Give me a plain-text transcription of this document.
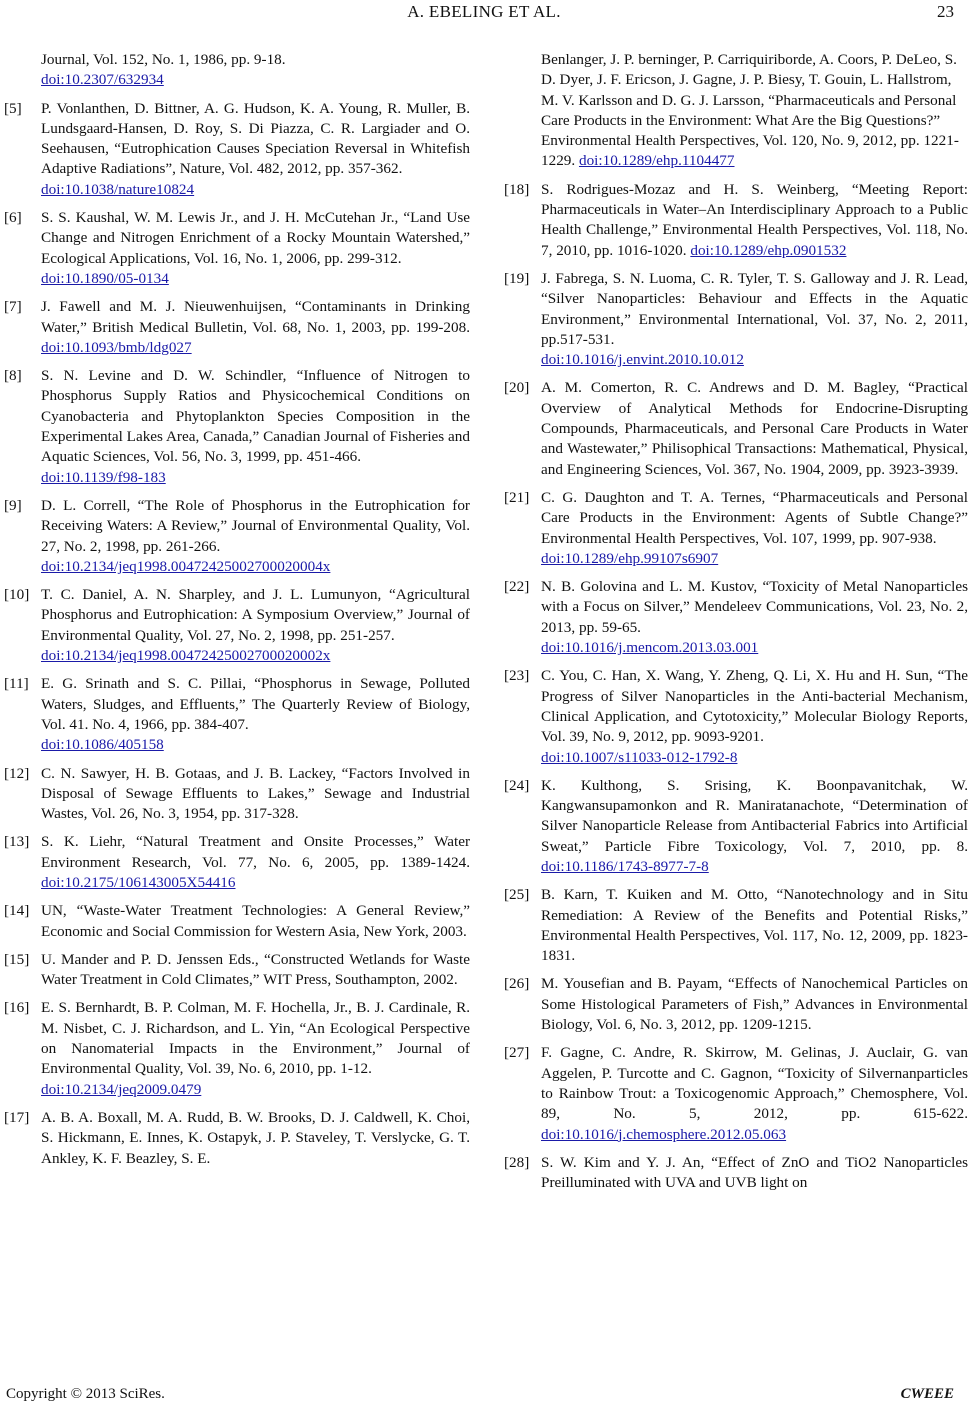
A. EBELING ET AL.	23
Journal, Vol. 152, No. 1, 1986, pp. 9-18.
doi:10.2307/632934
[5] P. Vonlanthen, D. Bittner, A. G. Hudson, K. A. Young, R. Muller, B. Lundsgaard-Hansen, D. Roy, S. Di Piazza, C. R. Largiader and O. Seehausen, “Eutrophication Causes Speciation Reversal in Whitefish Adaptive Radiations”, Nature, Vol. 482, 2012, pp. 357-362.
doi:10.1038/nature10824
[6] S. S. Kaushal, W. M. Lewis Jr., and J. H. McCutehan Jr., “Land Use Change and Nitrogen Enrichment of a Rocky Mountain Watershed,” Ecological Applications, Vol. 16, No. 1, 2006, pp. 299-312.
doi:10.1890/05-0134
[7] J. Fawell and M. J. Nieuwenhuijsen, “Contaminants in Drinking Water,” British Medical Bulletin, Vol. 68, No. 1, 2003, pp. 199-208. doi:10.1093/bmb/ldg027
[8] S. N. Levine and D. W. Schindler, “Influence of Nitrogen to Phosphorus Supply Ratios and Physicochemical Conditions on Cyanobacteria and Phytoplankton Species Composition in the Experimental Lakes Area, Canada,” Canadian Journal of Fisheries and Aquatic Sciences, Vol. 56, No. 3, 1999, pp. 451-466.
doi:10.1139/f98-183
[9] D. L. Correll, “The Role of Phosphorus in the Eutrophication for Receiving Waters: A Review,” Journal of Environmental Quality, Vol. 27, No. 2, 1998, pp. 261-266.
doi:10.2134/jeq1998.00472425002700020004x
[10] T. C. Daniel, A. N. Sharpley, and J. L. Lumunyon, “Agricultural Phosphorus and Eutrophication: A Symposium Overview,” Journal of Environmental Quality, Vol. 27, No. 2, 1998, pp. 251-257.
doi:10.2134/jeq1998.00472425002700020002x
[11] E. G. Srinath and S. C. Pillai, “Phosphorus in Sewage, Polluted Waters, Sludges, and Effluents,” The Quarterly Review of Biology, Vol. 41. No. 4, 1966, pp. 384-407.
doi:10.1086/405158
[12] C. N. Sawyer, H. B. Gotaas, and J. B. Lackey, “Factors Involved in Disposal of Sewage Effluents to Lakes,” Sewage and Industrial Wastes, Vol. 26, No. 3, 1954, pp. 317-328.
[13] S. K. Liehr, “Natural Treatment and Onsite Processes,” Water Environment Research, Vol. 77, No. 6, 2005, pp. 1389-1424. doi:10.2175/106143005X54416
[14] UN, “Waste-Water Treatment Technologies: A General Review,” Economic and Social Commission for Western Asia, New York, 2003.
[15] U. Mander and P. D. Jenssen Eds., “Constructed Wetlands for Waste Water Treatment in Cold Climates,” WIT Press, Southampton, 2002.
[16] E. S. Bernhardt, B. P. Colman, M. F. Hochella, Jr., B. J. Cardinale, R. M. Nisbet, C. J. Richardson, and L. Yin, “An Ecological Perspective on Nanomaterial Impacts in the Environment,” Journal of Environmental Quality, Vol. 39, No. 6, 2010, pp. 1-12.
doi:10.2134/jeq2009.0479
[17] A. B. A. Boxall, M. A. Rudd, B. W. Brooks, D. J. Caldwell, K. Choi, S. Hickmann, E. Innes, K. Ostapyk, J. P. Staveley, T. Verslycke, G. T. Ankley, K. F. Beazley, S. E.
Benlanger, J. P. berninger, P. Carriquiriborde, A. Coors, P. DeLeo, S. D. Dyer, J. F. Ericson, J. Gagne, J. P. Biesy, T. Gouin, L. Hallstrom, M. V. Karlsson and D. G. J. Larsson, “Pharmaceuticals and Personal Care Products in the Environment: What Are the Big Questions?” Environmental Health Perspectives, Vol. 120, No. 9, 2012, pp. 1221-1229. doi:10.1289/ehp.1104477
[18] S. Rodrigues-Mozaz and H. S. Weinberg, “Meeting Report: Pharmaceuticals in Water–An Interdisciplinary Approach to a Public Health Challenge,” Environmental Health Perspectives, Vol. 118, No. 7, 2010, pp. 1016-1020. doi:10.1289/ehp.0901532
[19] J. Fabrega, S. N. Luoma, C. R. Tyler, T. S. Galloway and J. R. Lead, “Silver Nanoparticles: Behaviour and Effects in the Aquatic Environment,” Environmental International, Vol. 37, No. 2, 2011, pp.517-531.
doi:10.1016/j.envint.2010.10.012
[20] A. M. Comerton, R. C. Andrews and D. M. Bagley, “Practical Overview of Analytical Methods for Endocrine-Disrupting Compounds, Pharmaceuticals, and Personal Care Products in Water and Wastewater,” Philisophical Transactions: Mathematical, Physical, and Engineering Sciences, Vol. 367, No. 1904, 2009, pp. 3923-3939.
[21] C. G. Daughton and T. A. Ternes, “Pharmaceuticals and Personal Care Products in the Environment: Agents of Subtle Change?” Environmental Health Perspectives, Vol. 107, 1999, pp. 907-938.
doi:10.1289/ehp.99107s6907
[22] N. B. Golovina and L. M. Kustov, “Toxicity of Metal Nanoparticles with a Focus on Silver,” Mendeleev Communications, Vol. 23, No. 2, 2013, pp. 59-65.
doi:10.1016/j.mencom.2013.03.001
[23] C. You, C. Han, X. Wang, Y. Zheng, Q. Li, X. Hu and H. Sun, “The Progress of Silver Nanoparticles in the Anti-bacterial Mechanism, Clinical Application, and Cytotoxicity,” Molecular Biology Reports, Vol. 39, No. 9, 2012, pp. 9093-9201.
doi:10.1007/s11033-012-1792-8
[24] K. Kulthong, S. Srising, K. Boonpavanitchak, W. Kangwansupamonkon and R. Maniratanachote, “Determination of Silver Nanoparticle Release from Antibacterial Fabrics into Artificial Sweat,” Particle Fibre Toxicology, Vol. 7, 2010, pp. 8. doi:10.1186/1743-8977-7-8
[25] B. Karn, T. Kuiken and M. Otto, “Nanotechnology and in Situ Remediation: A Review of the Benefits and Potential Risks,” Environmental Health Perspectives, Vol. 117, No. 12, 2009, pp. 1823-1831.
[26] M. Yousefian and B. Payam, “Effects of Nanochemical Particles on Some Histological Parameters of Fish,” Advances in Environmental Biology, Vol. 6, No. 3, 2012, pp. 1209-1215.
[27] F. Gagne, C. Andre, R. Skirrow, M. Gelinas, J. Auclair, G. van Aggelen, P. Turcotte and C. Gagnon, “Toxicity of Silvernanparticles to Rainbow Trout: a Toxicogenomic Approach,” Chemosphere, Vol. 89, No. 5, 2012, pp. 615-622. doi:10.1016/j.chemosphere.2012.05.063
[28] S. W. Kim and Y. J. An, “Effect of ZnO and TiO2 Nanoparticles Preilluminated with UVA and UVB light on
Copyright © 2013 SciRes.	CWEEE
